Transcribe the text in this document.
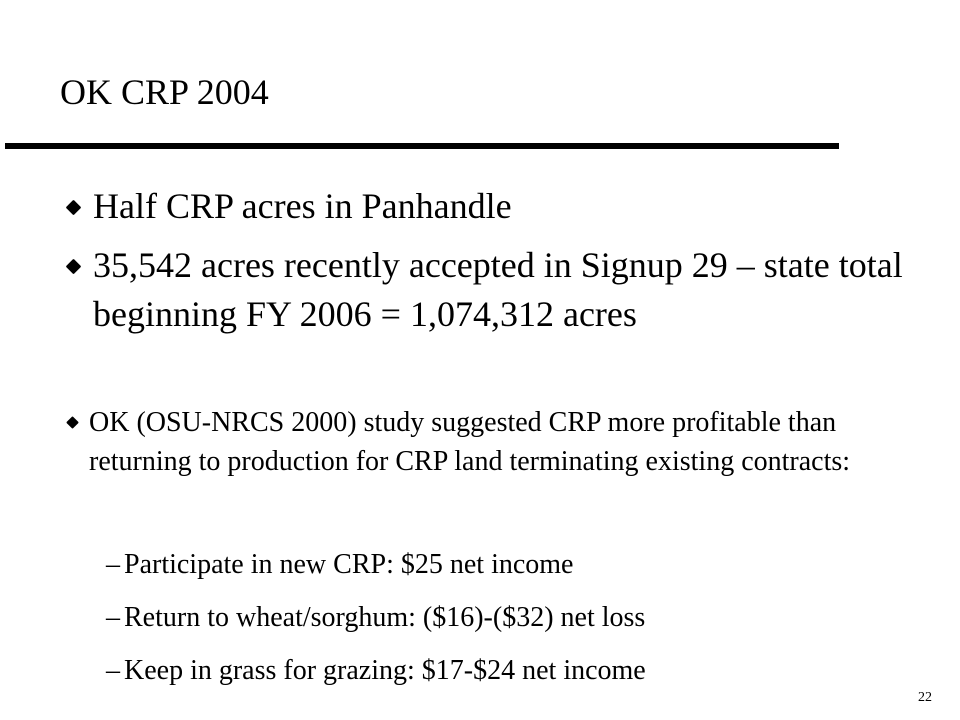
OK CRP 2004
Half CRP acres in Panhandle
35,542 acres recently accepted in Signup 29 – state total beginning FY 2006 = 1,074,312 acres
OK (OSU-NRCS 2000) study suggested CRP more profitable than returning to production for CRP land terminating existing contracts:
– Participate in new CRP: $25 net income
– Return to wheat/sorghum: ($16)-($32) net loss
– Keep in grass for grazing: $17-$24 net income
22
